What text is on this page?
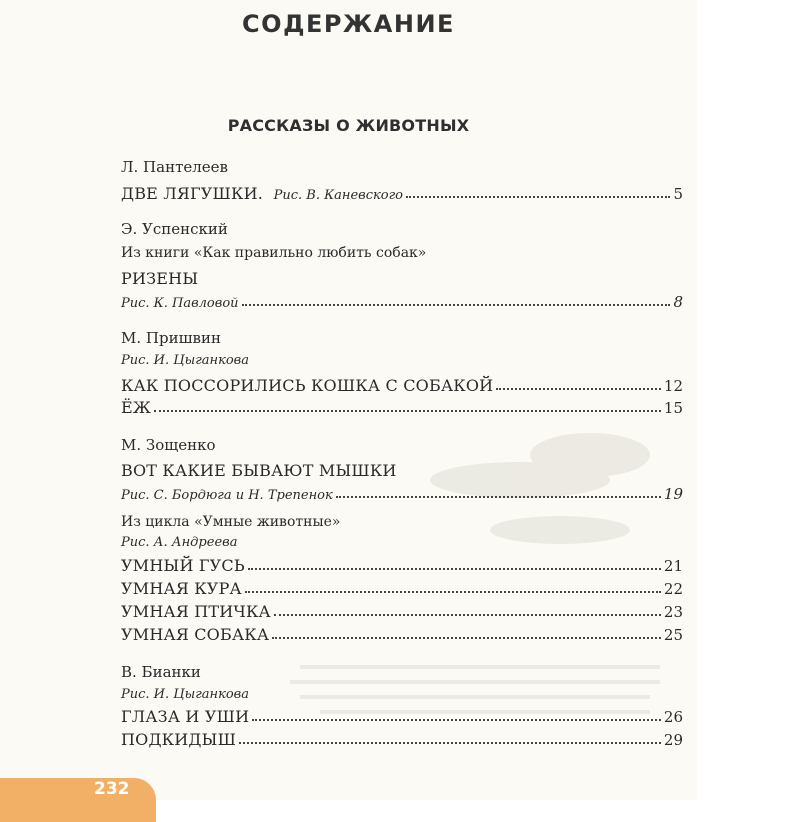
СОДЕРЖАНИЕ
РАССКАЗЫ О ЖИВОТНЫХ
Л. Пантелеев
ДВЕ ЛЯГУШКИ. Рис. В. Каневского	5
Э. Успенский
Из книги «Как правильно любить собак»
РИЗЕНЫ
Рис. К. Павловой	8
М. Пришвин
Рис. И. Цыганкова
КАК ПОССОРИЛИСЬ КОШКА С СОБАКОЙ	12
ЁЖ	15
М. Зощенко
ВОТ КАКИЕ БЫВАЮТ МЫШКИ
Рис. С. Бордюга и Н. Трепенок	19
Из цикла «Умные животные»
Рис. А. Андреева
УМНЫЙ ГУСЬ	21
УМНАЯ КУРА	22
УМНАЯ ПТИЧКА	23
УМНАЯ СОБАКА	25
В. Бианки
Рис. И. Цыганкова
ГЛАЗА И УШИ	26
ПОДКИДЫШ	29
232
